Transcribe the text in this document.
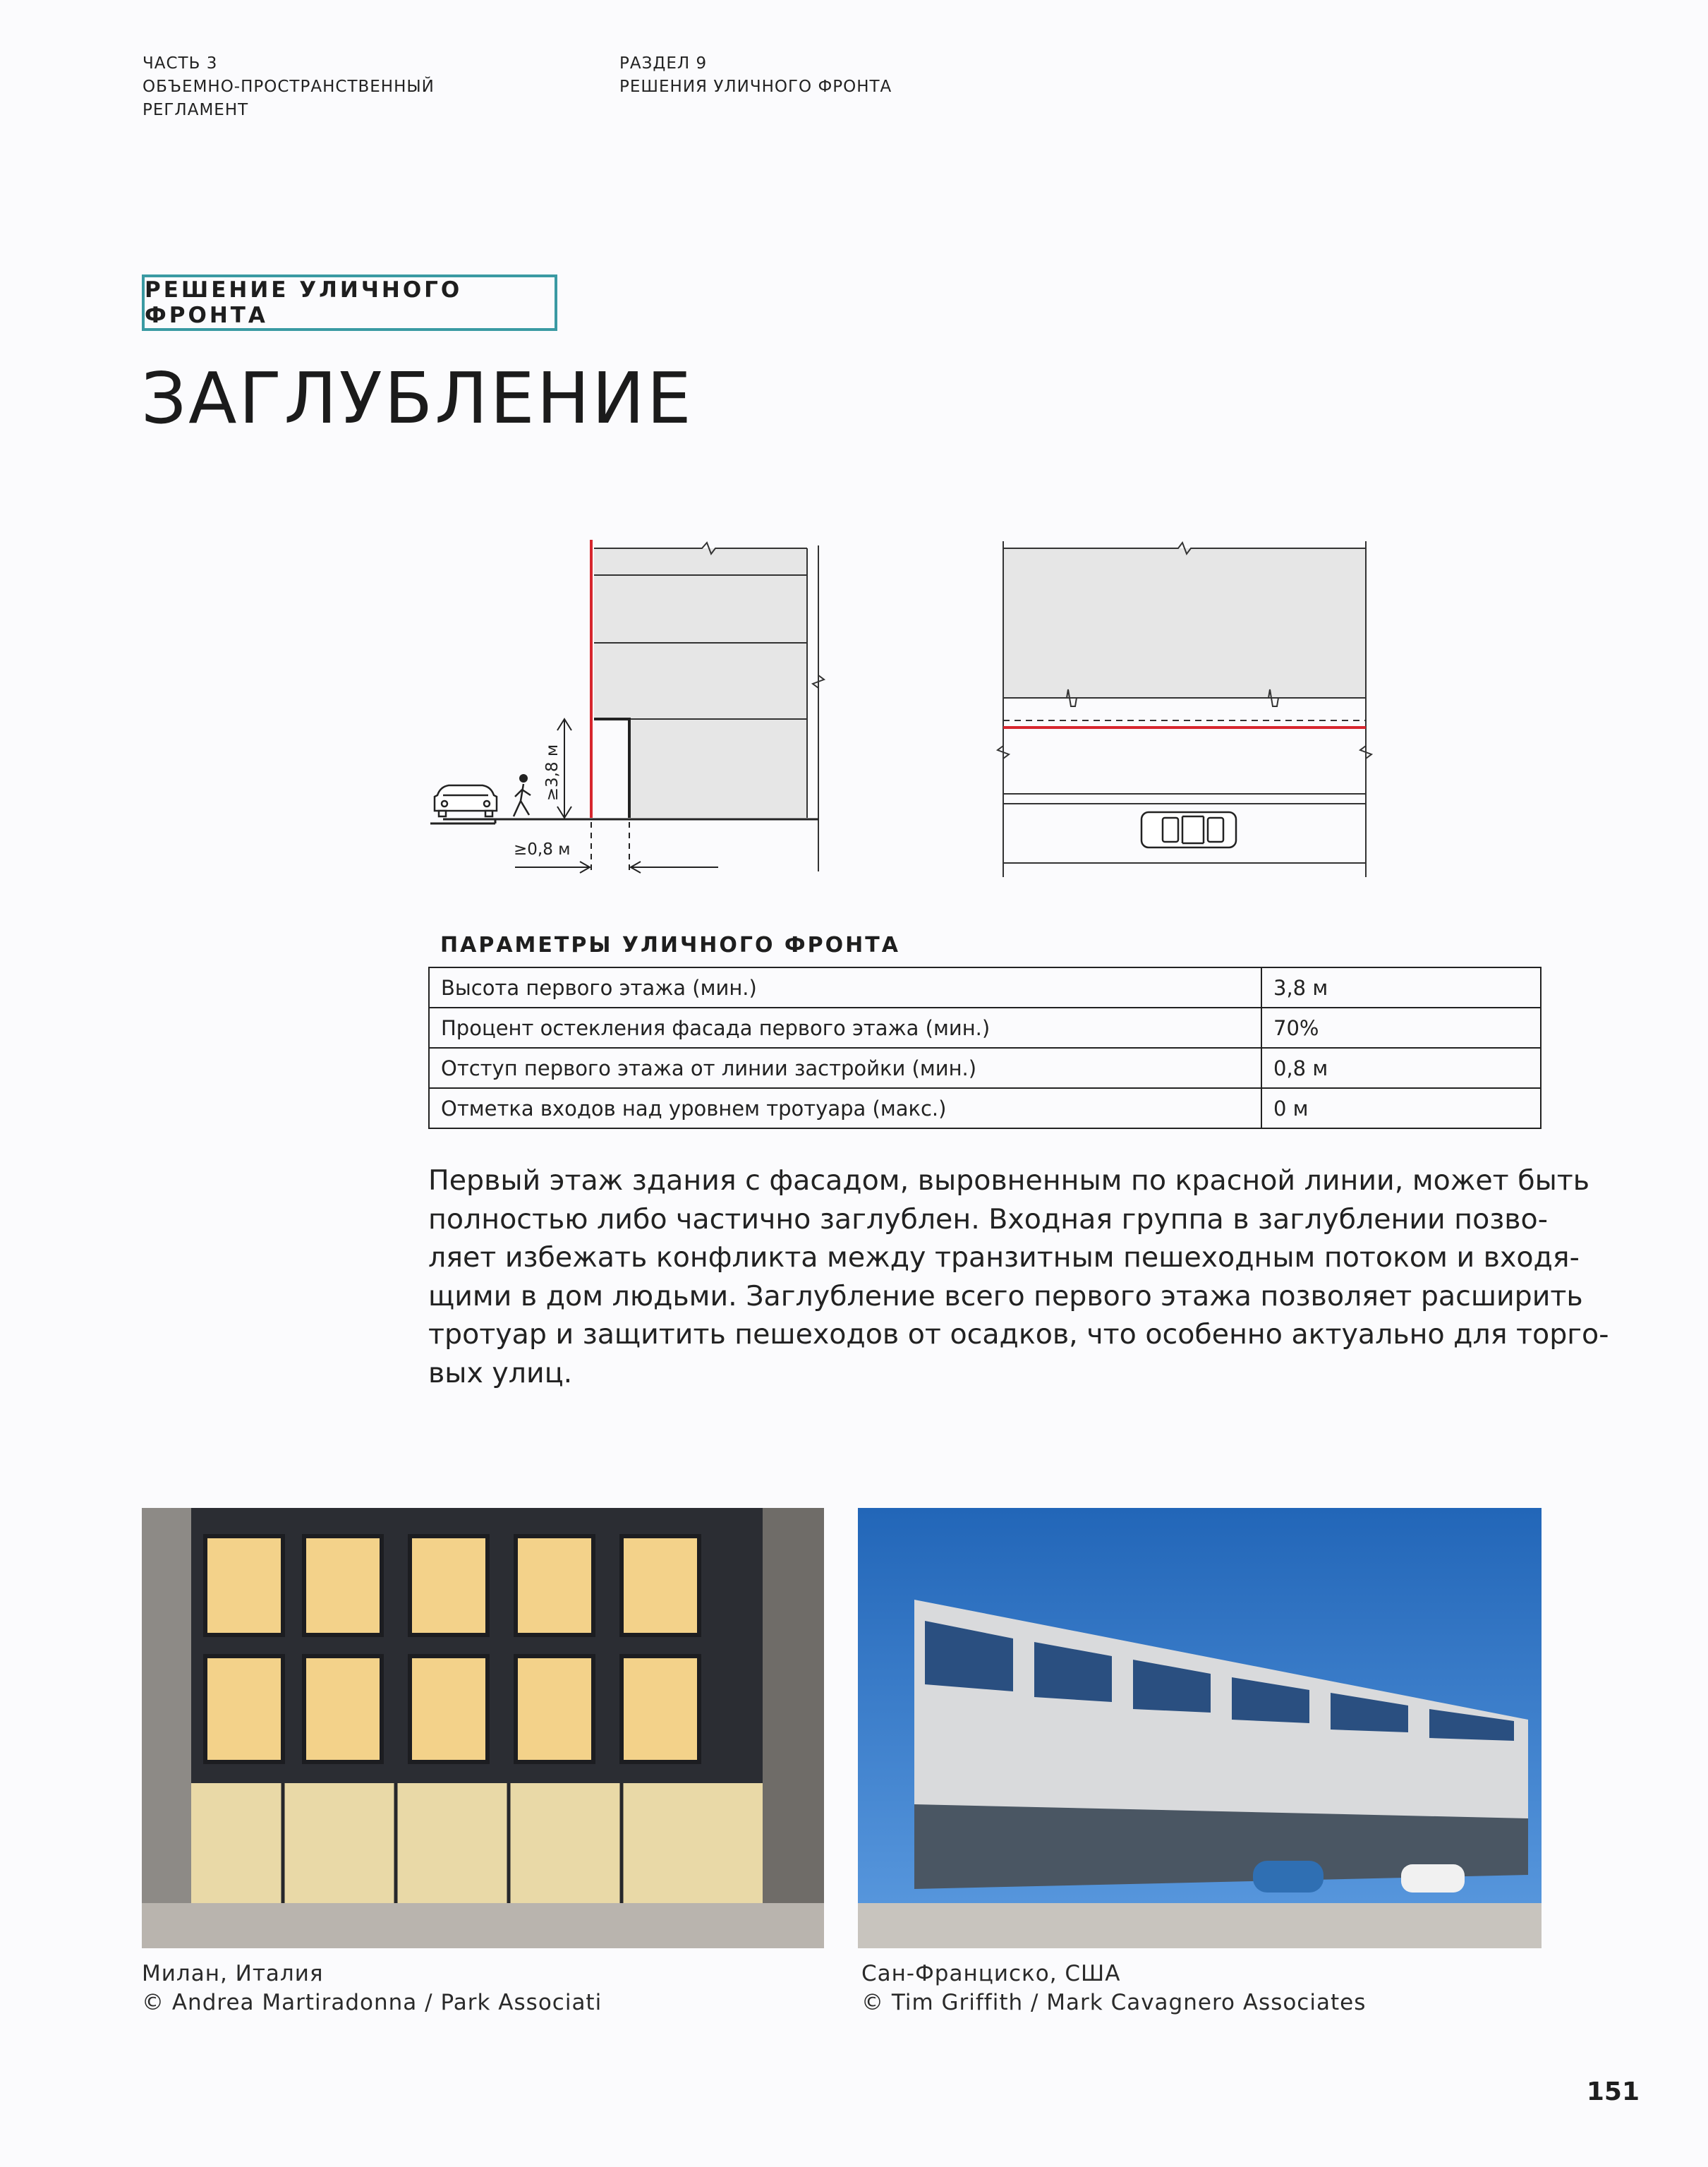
ЧАСТЬ 3
ОБЪЕМНО-ПРОСТРАНСТВЕННЫЙ
РЕГЛАМЕНТ
РАЗДЕЛ 9
РЕШЕНИЯ УЛИЧНОГО ФРОНТА
РЕШЕНИЕ УЛИЧНОГО ФРОНТА
ЗАГЛУБЛЕНИЕ
≥3,8 м
≥0,8 м
ПАРАМЕТРЫ УЛИЧНОГО ФРОНТА
Высота первого этажа (мин.)	3,8 м
Процент остекления фасада первого этажа (мин.)	70%
Отступ первого этажа от линии застройки (мин.)	0,8 м
Отметка входов над уровнем тротуара (макс.)	0 м
Первый этаж здания с фасадом, выровненным по красной линии, может быть
полностью либо частично заглублен. Входная группа в заглублении позво-
ляет избежать конфликта между транзитным пешеходным потоком и входя-
щими в дом людьми. Заглубление всего первого этажа позволяет расширить
тротуар и защитить пешеходов от осадков, что особенно актуально для торго-
вых улиц.
Милан, Италия
© Andrea Martiradonna / Park Associati
Сан-Франциско, США
© Tim Griffith / Mark Cavagnero Associates
151
